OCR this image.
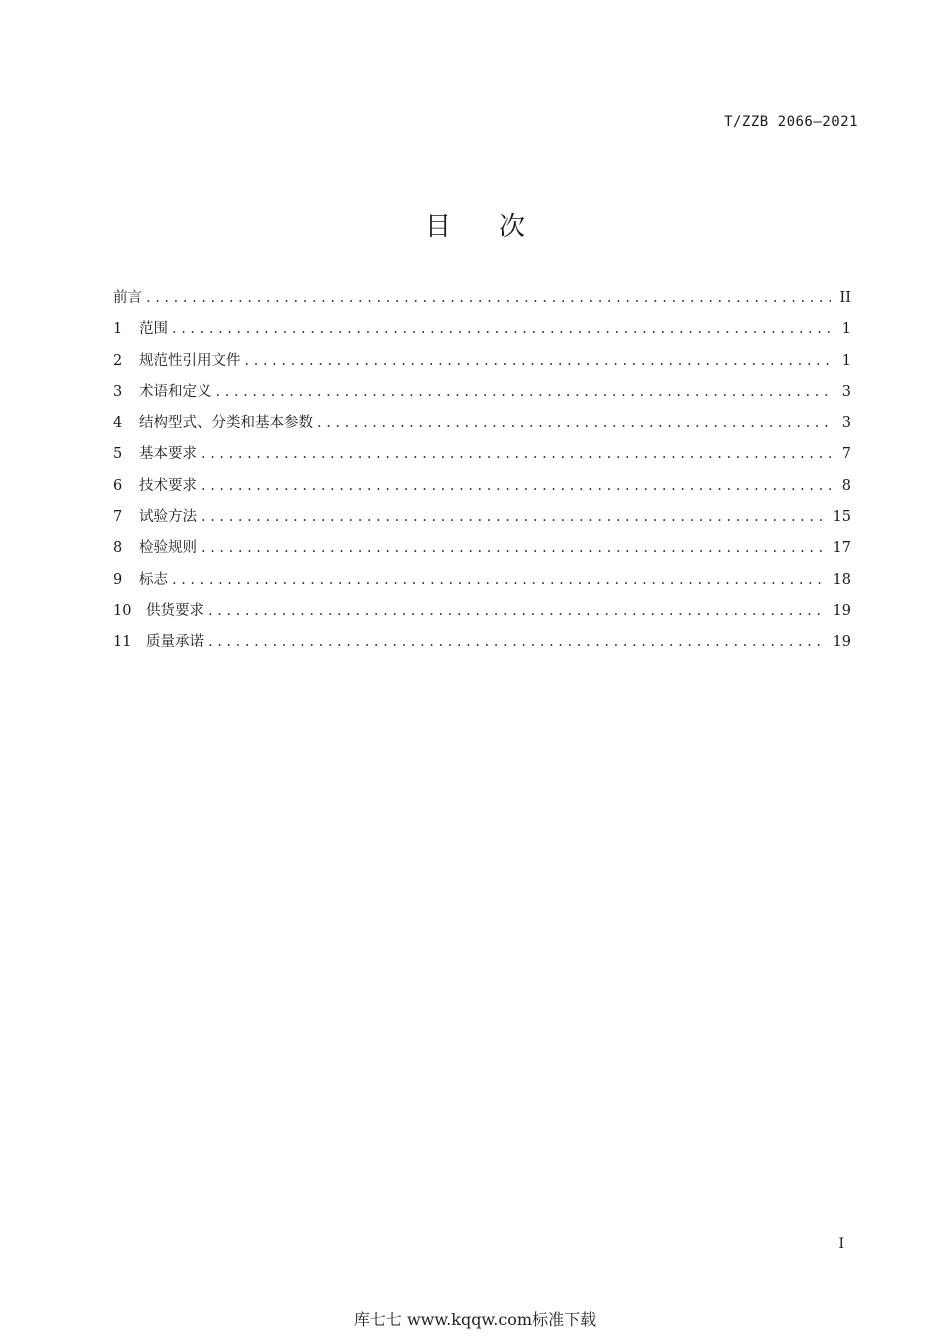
T/ZZB 2066—2021
目 次
前言 . . .	II
1	范围 . . .	1
2	规范性引用文件 . . .	1
3	术语和定义 . . .	3
4	结构型式、分类和基本参数 . . .	3
5	基本要求 . . .	7
6	技术要求 . . .	8
7	试验方法 . . .	15
8	检验规则 . . .	17
9	标志 . . .	18
10	供货要求 . . .	19
11	质量承诺 . . .	19
I
库七七 www.kqqw.com标准下载
